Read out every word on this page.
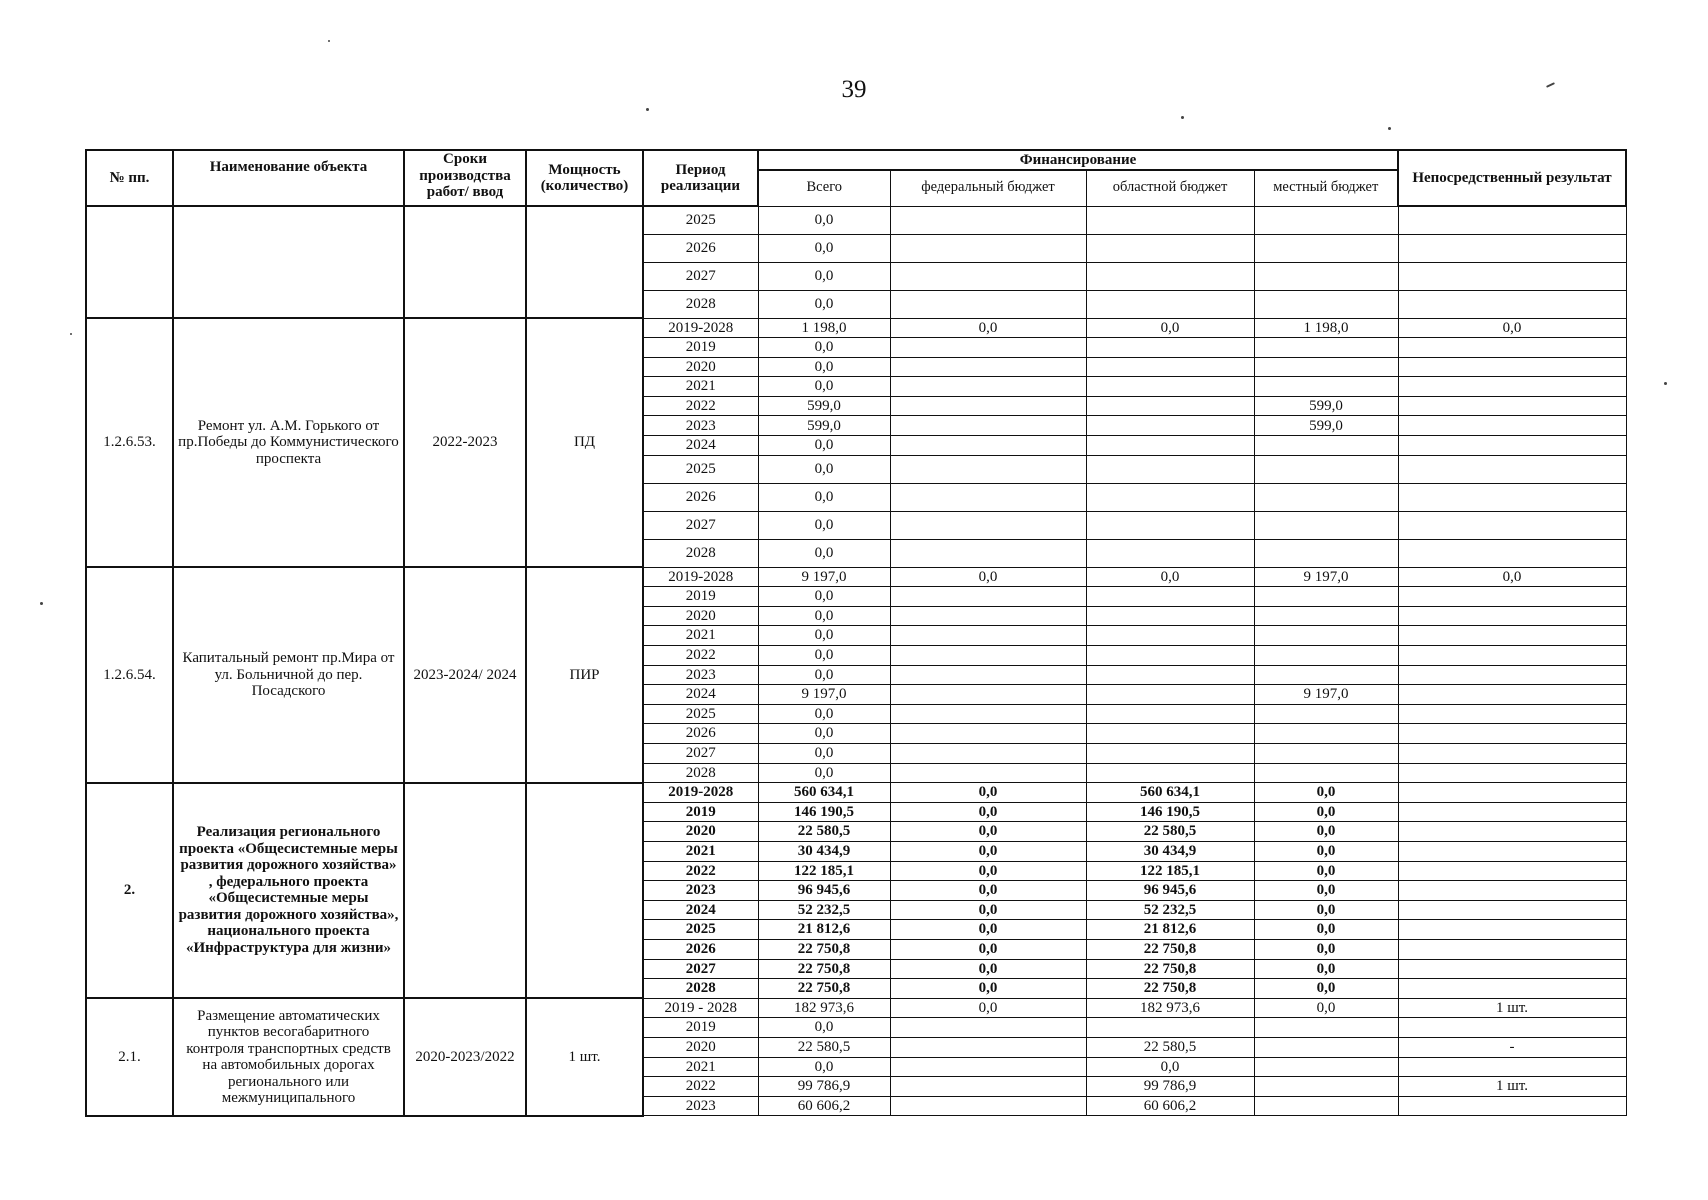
39
№ пп.	Наименование объекта	Сроки производства работ/ ввод	Мощность (количество)	Период реализации	Финансирование				Непосредственный результат
					Всего	федеральный бюджет	областной бюджет	местный бюджет	
				2025	0,0				
				2026	0,0				
				2027	0,0				
				2028	0,0				
1.2.6.53.	Ремонт ул. А.М. Горького от пр.Победы до Коммунистического проспекта	2022-2023	ПД	2019-2028	1 198,0	0,0	0,0	1 198,0	0,0
				2019	0,0				
				2020	0,0				
				2021	0,0				
				2022	599,0			599,0	
				2023	599,0			599,0	
				2024	0,0				
				2025	0,0				
				2026	0,0				
				2027	0,0				
				2028	0,0				
1.2.6.54.	Капитальный ремонт пр.Мира от ул. Больничной до пер. Посадского	2023-2024/ 2024	ПИР	2019-2028	9 197,0	0,0	0,0	9 197,0	0,0
				2019	0,0				
				2020	0,0				
				2021	0,0				
				2022	0,0				
				2023	0,0				
				2024	9 197,0			9 197,0	
				2025	0,0				
				2026	0,0				
				2027	0,0				
				2028	0,0				
2.	Реализация регионального проекта «Общесистемные меры развития дорожного хозяйства» , федерального проекта «Общесистемные меры развития дорожного хозяйства», национального проекта «Инфраструктура для жизни»			2019-2028	560 634,1	0,0	560 634,1	0,0	
				2019	146 190,5	0,0	146 190,5	0,0	
				2020	22 580,5	0,0	22 580,5	0,0	
				2021	30 434,9	0,0	30 434,9	0,0	
				2022	122 185,1	0,0	122 185,1	0,0	
				2023	96 945,6	0,0	96 945,6	0,0	
				2024	52 232,5	0,0	52 232,5	0,0	
				2025	21 812,6	0,0	21 812,6	0,0	
				2026	22 750,8	0,0	22 750,8	0,0	
				2027	22 750,8	0,0	22 750,8	0,0	
				2028	22 750,8	0,0	22 750,8	0,0	
2.1.	Размещение автоматических пунктов весогабаритного контроля транспортных средств на автомобильных дорогах регионального или межмуниципального	2020-2023/2022	1 шт.	2019 - 2028	182 973,6	0,0	182 973,6	0,0	1 шт.
				2019	0,0				
				2020	22 580,5		22 580,5		-
				2021	0,0		0,0		
				2022	99 786,9		99 786,9		1 шт.
				2023	60 606,2		60 606,2		
